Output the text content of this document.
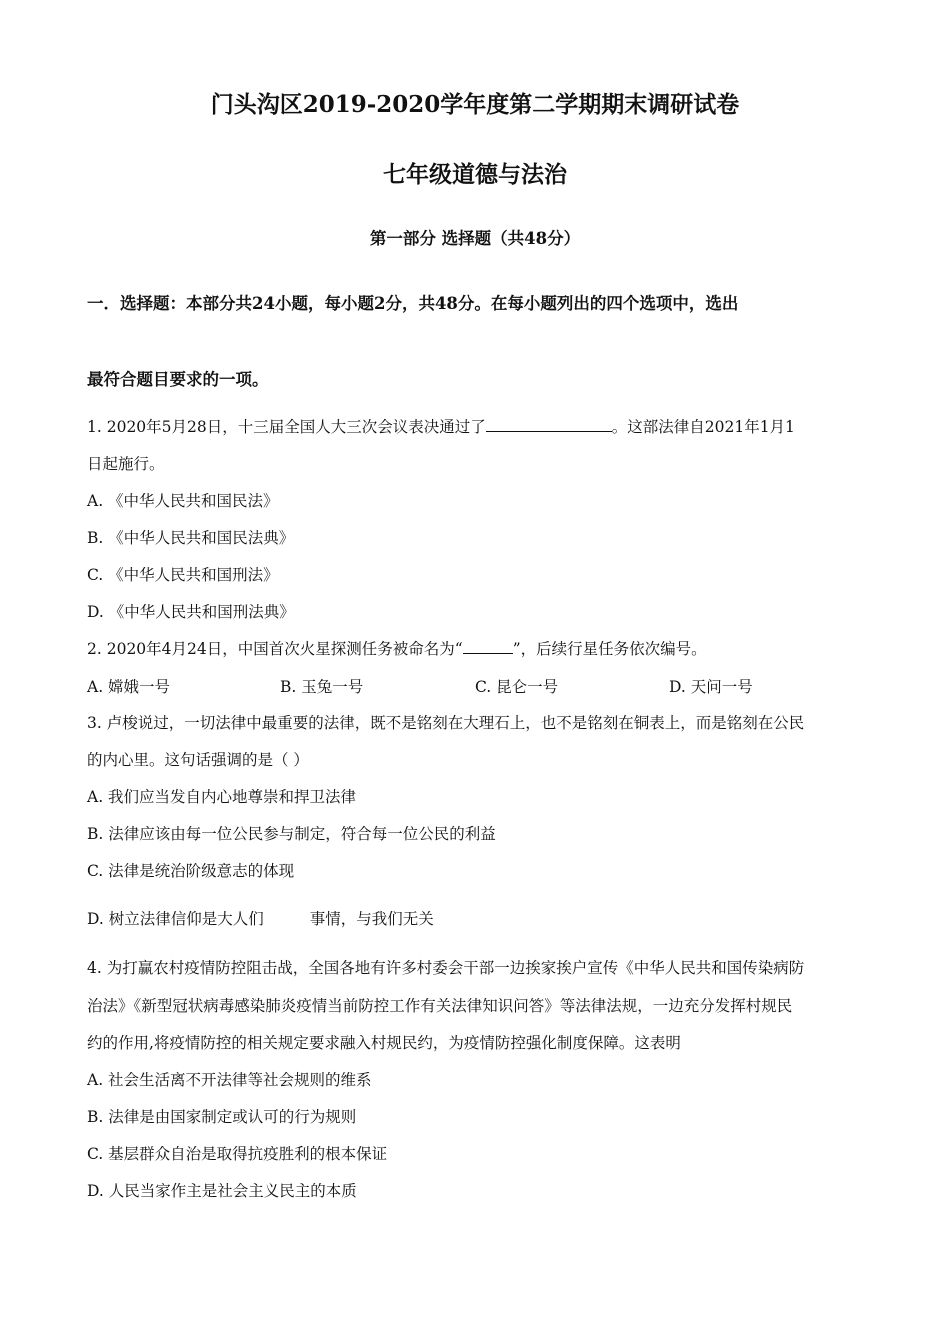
门头沟区2019-2020学年度第二学期期末调研试卷
七年级道德与法治
第一部分 选择题（共48分）
一．选择题：本部分共24小题，每小题2分，共48分。在每小题列出的四个选项中，选出
最符合题目要求的一项。
1. 2020年5月28日，十三届全国人大三次会议表决通过了	。这部法律自2021年1月1
日起施行。
A. 《中华人民共和国民法》
B. 《中华人民共和国民法典》
C. 《中华人民共和国刑法》
D. 《中华人民共和国刑法典》
2. 2020年4月24日，中国首次火星探测任务被命名为“	”，后续行星任务依次编号。
A. 嫦娥一号	B. 玉兔一号	C. 昆仑一号	D. 天问一号
3. 卢梭说过，一切法律中最重要的法律，既不是铭刻在大理石上，也不是铭刻在铜表上，而是铭刻在公民
的内心里。这句话强调的是（ ）
A. 我们应当发自内心地尊崇和捍卫法律
B. 法律应该由每一位公民参与制定，符合每一位公民的利益
C. 法律是统治阶级意志的体现
D. 树立法律信仰是大人们	事情，与我们无关
4. 为打赢农村疫情防控阻击战，全国各地有许多村委会干部一边挨家挨户宣传《中华人民共和国传染病防
治法》《新型冠状病毒感染肺炎疫情当前防控工作有关法律知识问答》等法律法规，一边充分发挥村规民
约的作用,将疫情防控的相关规定要求融入村规民约，为疫情防控强化制度保障。这表明
A. 社会生活离不开法律等社会规则的维系
B. 法律是由国家制定或认可的行为规则
C. 基层群众自治是取得抗疫胜利的根本保证
D. 人民当家作主是社会主义民主的本质
